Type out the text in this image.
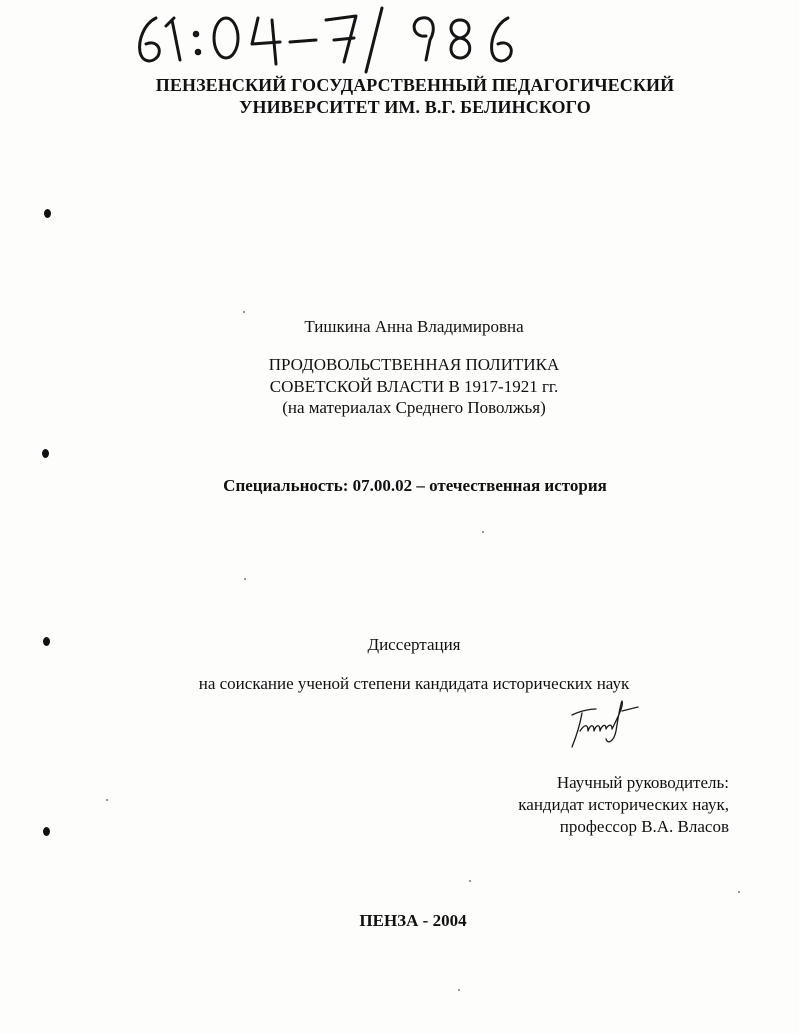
ПЕНЗЕНСКИЙ ГОСУДАРСТВЕННЫЙ ПЕДАГОГИЧЕСКИЙ
УНИВЕРСИТЕТ ИМ. В.Г. БЕЛИНСКОГО
Тишкина Анна Владимировна
ПРОДОВОЛЬСТВЕННАЯ ПОЛИТИКА
СОВЕТСКОЙ ВЛАСТИ В 1917-1921 гг.
(на материалах Среднего Поволжья)
Специальность: 07.00.02 – отечественная история
Диссертация
на соискание ученой степени кандидата исторических наук
Научный руководитель:
кандидат исторических наук,
профессор В.А. Власов
ПЕНЗА - 2004
